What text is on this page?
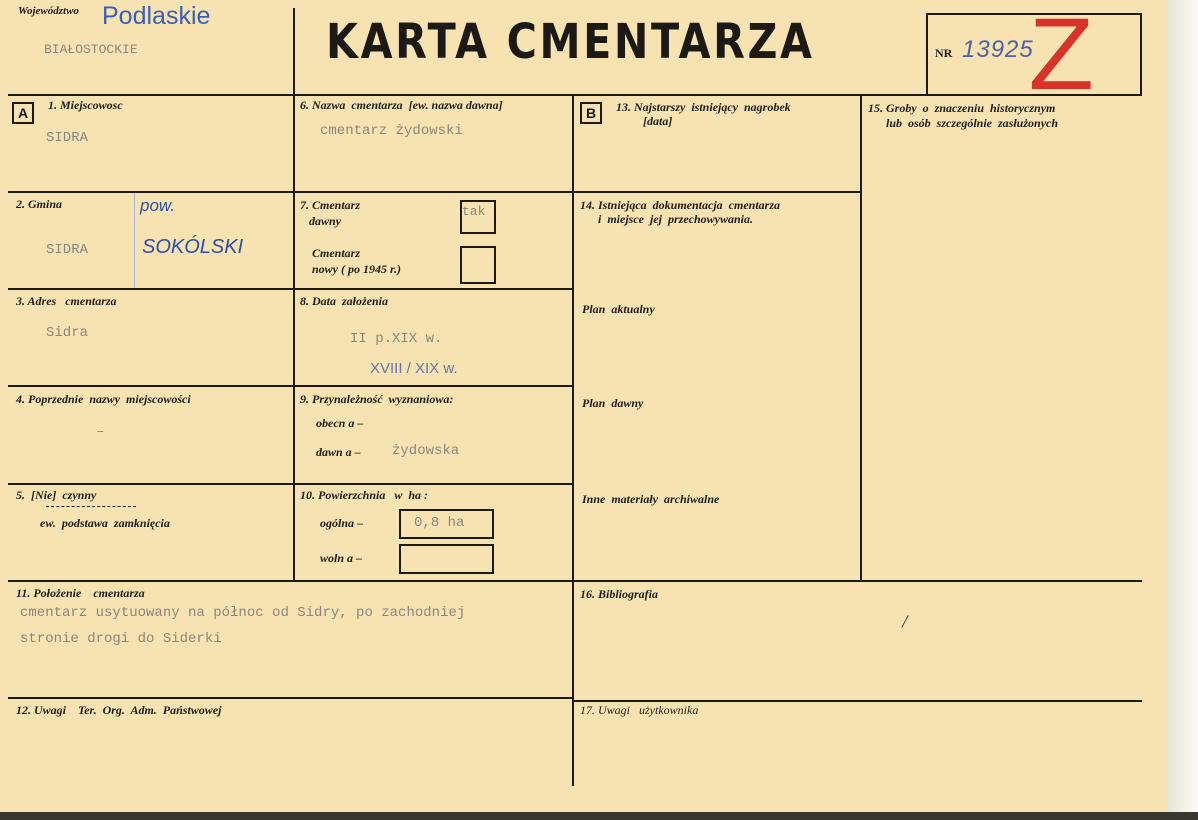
Województwo Podlaskie
BIAŁOSTOCKIE	KARTA CMENTARZA	NR 13925
Z
A	B
1. Miejscowosc
SIDRA
2. Gmina
SIDRA
pow.
SOKÓLSKI
3. Adres   cmentarza
Sidra
4. Poprzednie  nazwy  miejscowości
–
5.  [Nie]  czynny
ew.  podstawa  zamknięcia
6. Nazwa  cmentarza  [ew. nazwa dawna]
cmentarz żydowski
7. Cmentarz
dawny
tak
Cmentarz
nowy ( po 1945 r.)
8. Data  założenia
II p.XIX w.
XVIII / XIX w.
9. Przynależność  wyznaniowa:
obecn a –
dawn a – żydowska
10. Powierzchnia   w  ha :
ogólna –	0,8 ha
woln a –
11. Położenie    cmentarza
cmentarz usytuowany na północ od Sidry, po zachodniej
stronie drogi do Siderki
12. Uwagi    Ter.  Org.  Adm.  Państwowej
13. Najstarszy  istniejący  nagrobek
[data]
14. Istniejąca  dokumentacja  cmentarza
i  miejsce  jej  przechowywania.
Plan  aktualny
Plan  dawny
Inne  materiały  archiwalne
15. Groby  o  znaczeniu  historycznym
lub  osób  szczególnie  zasłużonych
16. Bibliografia
17. Uwagi   użytkownika
